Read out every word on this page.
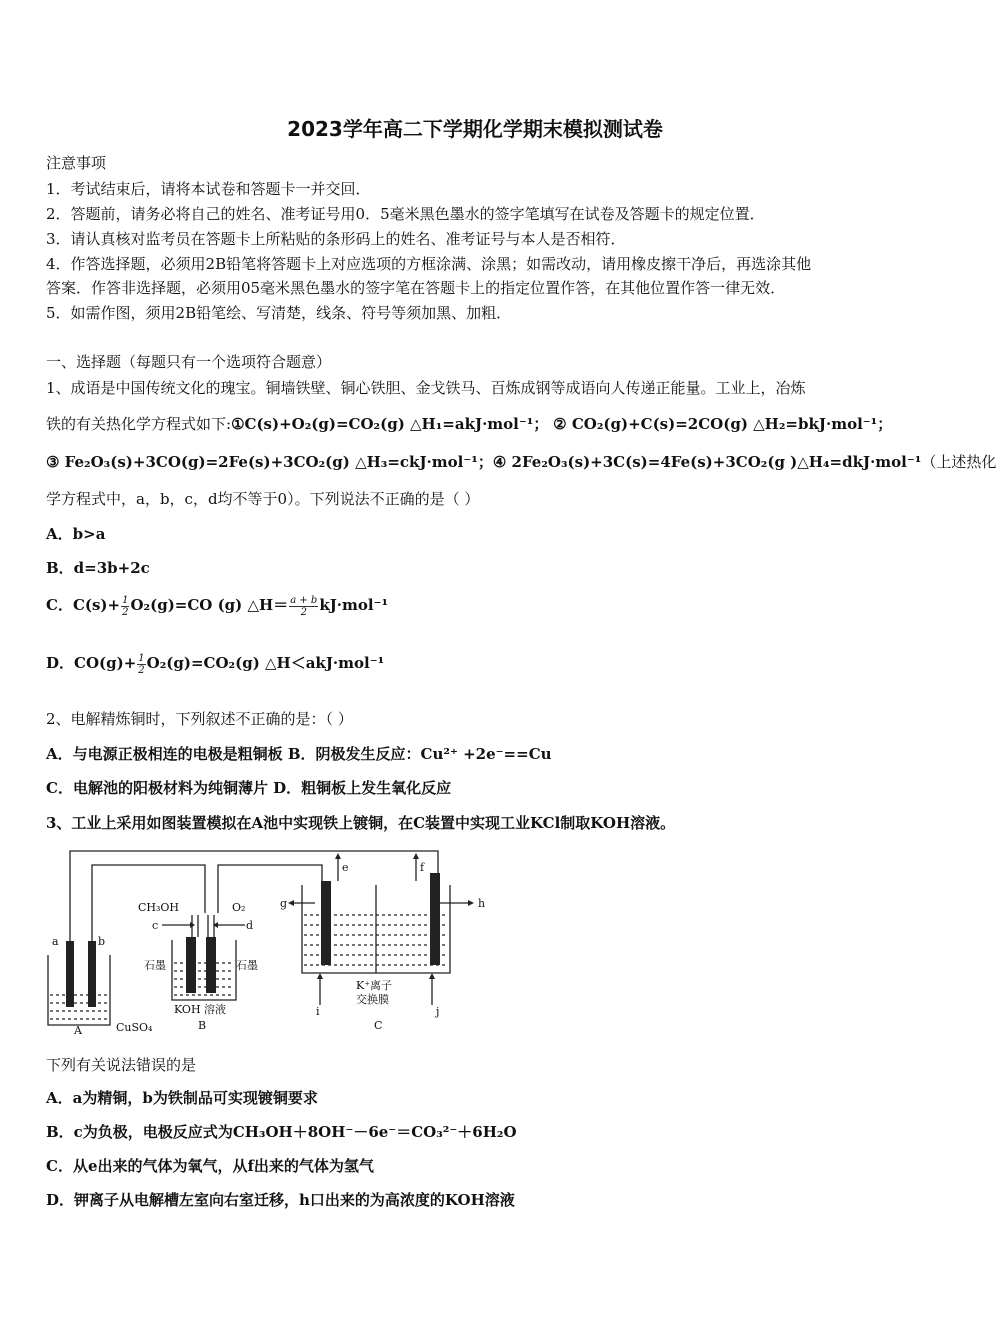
2023学年高二下学期化学期末模拟测试卷
注意事项
1．考试结束后，请将本试卷和答题卡一并交回．
2．答题前，请务必将自己的姓名、准考证号用0．5毫米黑色墨水的签字笔填写在试卷及答题卡的规定位置．
3．请认真核对监考员在答题卡上所粘贴的条形码上的姓名、准考证号与本人是否相符．
4．作答选择题，必须用2B铅笔将答题卡上对应选项的方框涂满、涂黑；如需改动，请用橡皮擦干净后，再选涂其他
答案．作答非选择题，必须用05毫米黑色墨水的签字笔在答题卡上的指定位置作答，在其他位置作答一律无效．
5．如需作图，须用2B铅笔绘、写清楚，线条、符号等须加黑、加粗．
一、选择题（每题只有一个选项符合题意）
1、成语是中国传统文化的瑰宝。铜墙铁壁、铜心铁胆、金戈铁马、百炼成钢等成语向人传递正能量。工业上，冶炼
铁的有关热化学方程式如下:①C(s)+O₂(g)=CO₂(g) △H₁=akJ·mol⁻¹； ② CO₂(g)+C(s)=2CO(g) △H₂=bkJ·mol⁻¹；
③ Fe₂O₃(s)+3CO(g)=2Fe(s)+3CO₂(g) △H₃=ckJ·mol⁻¹；④ 2Fe₂O₃(s)+3C(s)=4Fe(s)+3CO₂(g )△H₄=dkJ·mol⁻¹（上述热化
学方程式中，a，b，c，d均不等于0）。下列说法不正确的是（ ）
A．b>a
B．d=3b+2c
C．$C(s)+ \frac{1}{2} O_2(g)=CO$ (g) △H＝ $\frac{a + b}{2} kJ\cdot mol^{-1}$
D．$CO(g)+ \frac{1}{2} O_2(g)=CO_2(g)$ △H＜akJ·mol⁻¹
2、电解精炼铜时，下列叙述不正确的是：（ ）
A．与电源正极相连的电极是粗铜板 B．阴极发生反应：Cu²⁺ +2e⁻==Cu
C．电解池的阳极材料为纯铜薄片 D．粗铜板上发生氧化反应
3、工业上采用如图装置模拟在A池中实现铁上镀铜，在C装置中实现工业KCl制取KOH溶液。
a	b
A	CuSO₄
CH₃OH	O₂
c	d
石墨	石墨
KOH 溶液
B
e	f
g	h
i	j
K⁺离子
交换膜
C
下列有关说法错误的是
A．a为精铜，b为铁制品可实现镀铜要求
B．c为负极，电极反应式为CH₃OH＋8OH⁻－6e⁻＝CO₃²⁻＋6H₂O
C．从e出来的气体为氧气，从f出来的气体为氢气
D．钾离子从电解槽左室向右室迁移，h口出来的为高浓度的KOH溶液
